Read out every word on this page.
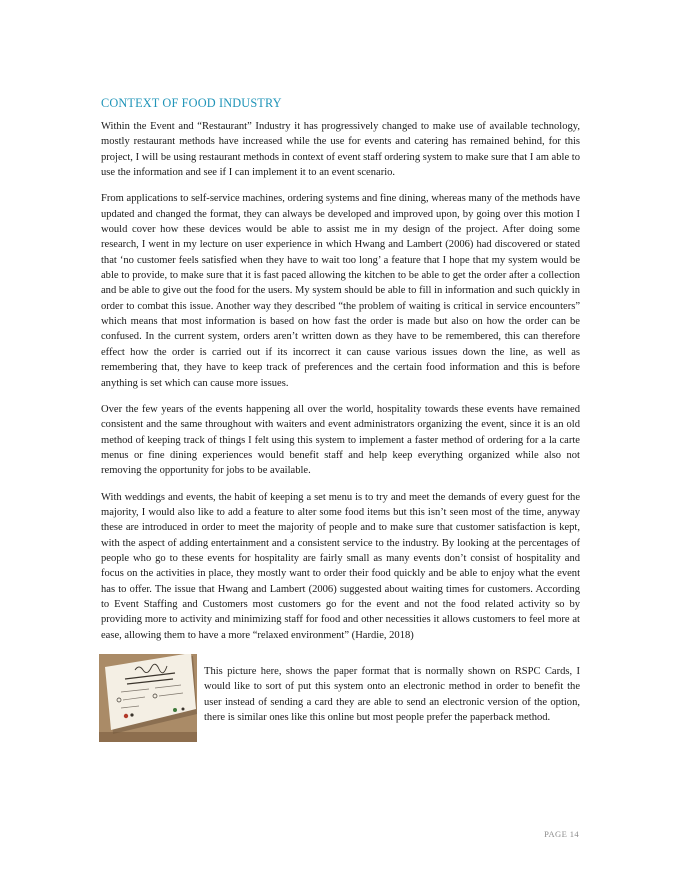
CONTEXT OF FOOD INDUSTRY

Within the Event and “Restaurant” Industry it has progressively changed to make use of available technology, mostly restaurant methods have increased while the use for events and catering has remained behind, for this project, I will be using restaurant methods in context of event staff ordering system to make sure that I am able to use the information and see if I can implement it to an event scenario.

From applications to self-service machines, ordering systems and fine dining, whereas many of the methods have updated and changed the format, they can always be developed and improved upon, by going over this motion I would cover how these devices would be able to assist me in my design of the project. After doing some research, I went in my lecture on user experience in which Hwang and Lambert (2006) had discovered or stated that ‘no customer feels satisfied when they have to wait too long’ a feature that I hope that my system would be able to provide, to make sure that it is fast paced allowing the kitchen to be able to get the order after a collection and be able to give out the food for the users. My system should be able to fill in information and such quickly in order to combat this issue. Another way they described “the problem of waiting is critical in service encounters” which means that most information is based on how fast the order is made but also on how the order can be confused. In the current system, orders aren’t written down as they have to be remembered, this can therefore effect how the order is carried out if its incorrect it can cause various issues down the line, as well as remembering that, they have to keep track of preferences and the certain food information and this is before anything is set which can cause more issues.

Over the few years of the events happening all over the world, hospitality towards these events have remained consistent and the same throughout with waiters and event administrators organizing the event, since it is an old method of keeping track of things I felt using this system to implement a faster method of ordering for a la carte menus or fine dining experiences would benefit staff and help keep everything organized while also not removing the opportunity for jobs to be available.

With weddings and events, the habit of keeping a set menu is to try and meet the demands of every guest for the majority, I would also like to add a feature to alter some food items but this isn’t seen most of the time, anyway these are introduced in order to meet the majority of people and to make sure that customer satisfaction is kept, with the aspect of adding entertainment and a consistent service to the industry. By looking at the percentages of people who go to these events for hospitality are fairly small as many events don’t consist of hospitality and focus on the activities in place, they mostly want to order their food quickly and be able to enjoy what the event has to offer. The issue that Hwang and Lambert (2006) suggested about waiting times for customers. According to Event Staffing and Customers most customers go for the event and not the food related activity so by providing more to activity and minimizing staff for food and other necessities it allows customers to feel more at ease, allowing them to have a more “relaxed environment” (Hardie, 2018)

This picture here, shows the paper format that is normally shown on RSPC Cards, I would like to sort of put this system onto an electronic method in order to benefit the user instead of sending a card they are able to send an electronic version of the option, there is similar ones like this online but most people prefer the paperback method.

PAGE 14
